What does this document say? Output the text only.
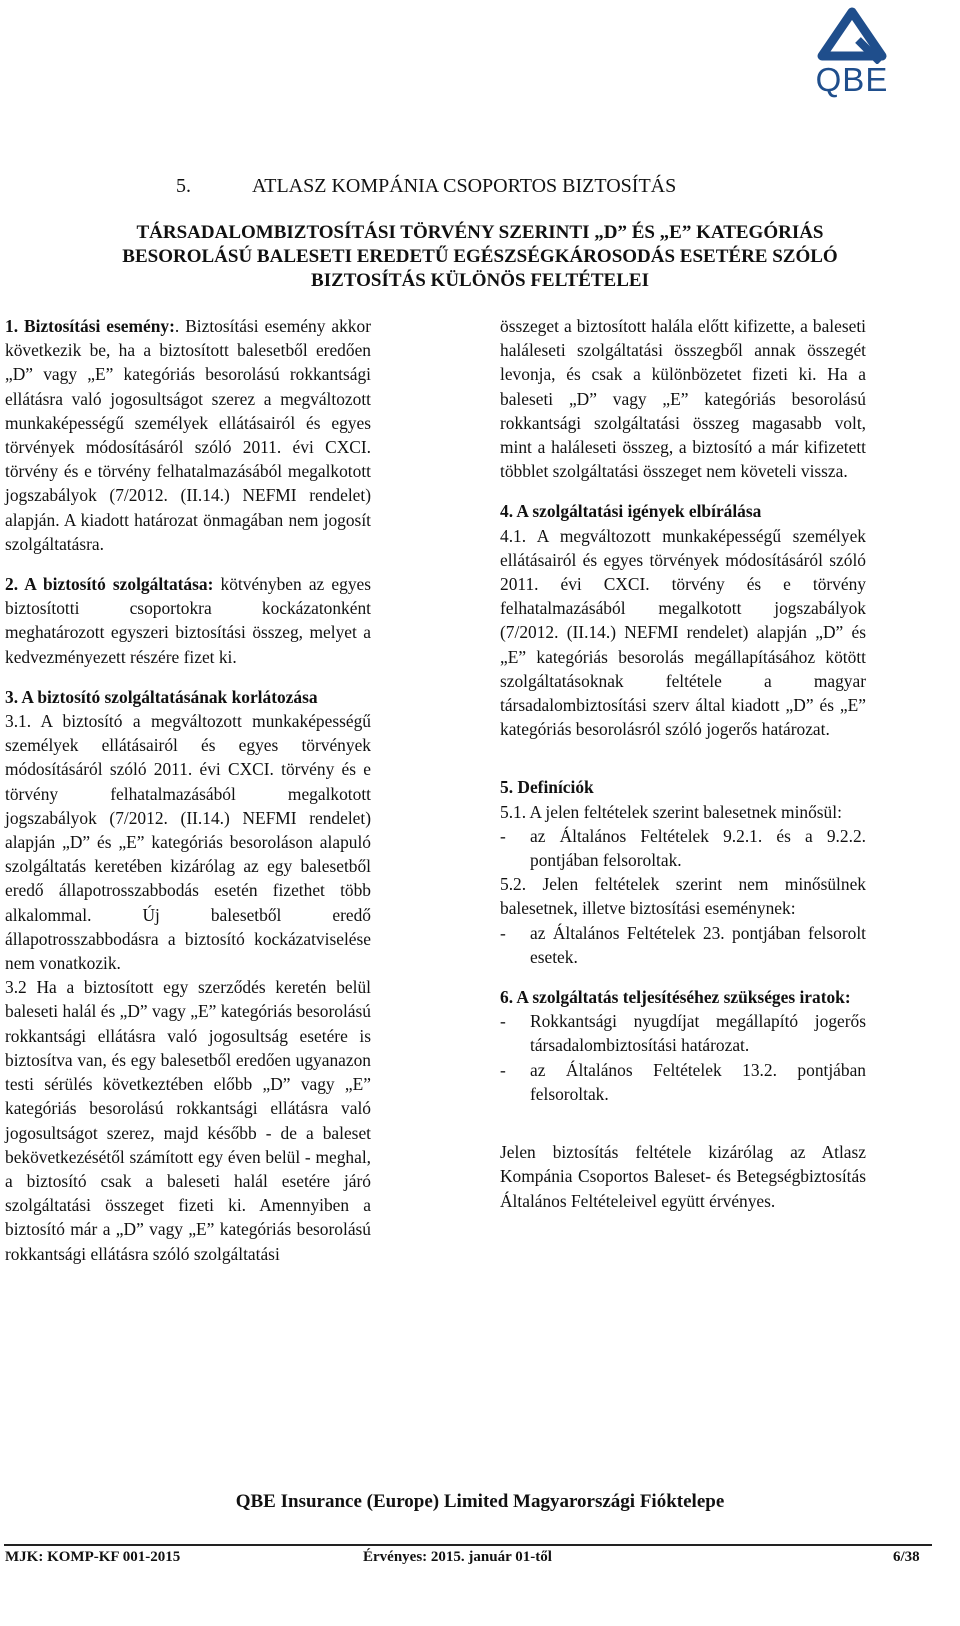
QBE
5.	ATLASZ KOMPÁNIA CSOPORTOS BIZTOSÍTÁS
TÁRSADALOMBIZTOSÍTÁSI TÖRVÉNY SZERINTI „D” ÉS „E” KATEGÓRIÁS
BESOROLÁSÚ BALESETI EREDETŰ EGÉSZSÉGKÁROSODÁS ESETÉRE SZÓLÓ
BIZTOSÍTÁS KÜLÖNÖS FELTÉTELEI

1. Biztosítási esemény:. Biztosítási esemény akkor következik be, ha a biztosított balesetből eredően „D” vagy „E” kategóriás besorolású rokkantsági ellátásra való jogosultságot szerez a megváltozott munkaképességű személyek ellátásairól és egyes törvények módosításáról szóló 2011. évi CXCI. törvény és e törvény felhatalmazásából megalkotott jogszabályok (7/2012. (II.14.) NEFMI rendelet) alapján. A kiadott határozat önmagában nem jogosít szolgáltatásra.

2. A biztosító szolgáltatása: kötvényben az egyes biztosítotti csoportokra kockázatonként meghatározott egyszeri biztosítási összeg, melyet a kedvezményezett részére fizet ki.

3. A biztosító szolgáltatásának korlátozása

3.1. A biztosító a megváltozott munkaképességű személyek ellátásairól és egyes törvények módosításáról szóló 2011. évi CXCI. törvény és e törvény felhatalmazásából megalkotott jogszabályok (7/2012. (II.14.) NEFMI rendelet) alapján „D” és „E” kategóriás besoroláson alapuló szolgáltatás keretében kizárólag az egy balesetből eredő állapotrosszabbodás esetén fizethet több alkalommal. Új balesetből eredő állapotrosszabbodásra a biztosító kockázatviselése nem vonatkozik.

3.2 Ha a biztosított egy szerződés keretén belül baleseti halál és „D” vagy „E” kategóriás besorolású rokkantsági ellátásra való jogosultság esetére is biztosítva van, és egy balesetből eredően ugyanazon testi sérülés következtében előbb „D” vagy „E” kategóriás besorolású rokkantsági ellátásra való jogosultságot szerez, majd később - de a baleset bekövetkezésétől számított egy éven belül - meghal, a biztosító csak a baleseti halál esetére járó szolgáltatási összeget fizeti ki. Amennyiben a biztosító már a „D” vagy „E” kategóriás besorolású rokkantsági ellátásra szóló szolgáltatási

összeget a biztosított halála előtt kifizette, a baleseti haláleseti szolgáltatási összegből annak összegét levonja, és csak a különbözetet fizeti ki. Ha a baleseti „D” vagy „E” kategóriás besorolású rokkantsági szolgáltatási összeg magasabb volt, mint a haláleseti összeg, a biztosító a már kifizetett többlet szolgáltatási összeget nem követeli vissza.

4. A szolgáltatási igények elbírálása

4.1. A megváltozott munkaképességű személyek ellátásairól és egyes törvények módosításáról szóló 2011. évi CXCI. törvény és e törvény felhatalmazásából megalkotott jogszabályok (7/2012. (II.14.) NEFMI rendelet) alapján „D” és „E” kategóriás besorolás megállapításához kötött szolgáltatásoknak feltétele a magyar társadalombiztosítási szerv által kiadott „D” és „E” kategóriás besorolásról szóló jogerős határozat.

5. Definíciók

5.1. A jelen feltételek szerint balesetnek minősül:

- az Általános Feltételek 9.2.1. és a 9.2.2. pontjában felsoroltak.

5.2. Jelen feltételek szerint nem minősülnek balesetnek, illetve biztosítási eseménynek:

- az Általános Feltételek 23. pontjában felsorolt esetek.

6. A szolgáltatás teljesítéséhez szükséges iratok:

- Rokkantsági nyugdíjat megállapító jogerős társadalombiztosítási határozat.

- az Általános Feltételek 13.2. pontjában felsoroltak.

Jelen biztosítás feltétele kizárólag az Atlasz Kompánia Csoportos Baleset- és Betegségbiztosítás Általános Feltételeivel együtt érvényes.

QBE Insurance (Europe) Limited Magyarországi Fióktelepe
MJK: KOMP-KF 001-2015	Érvényes: 2015. január 01-től	6/38
